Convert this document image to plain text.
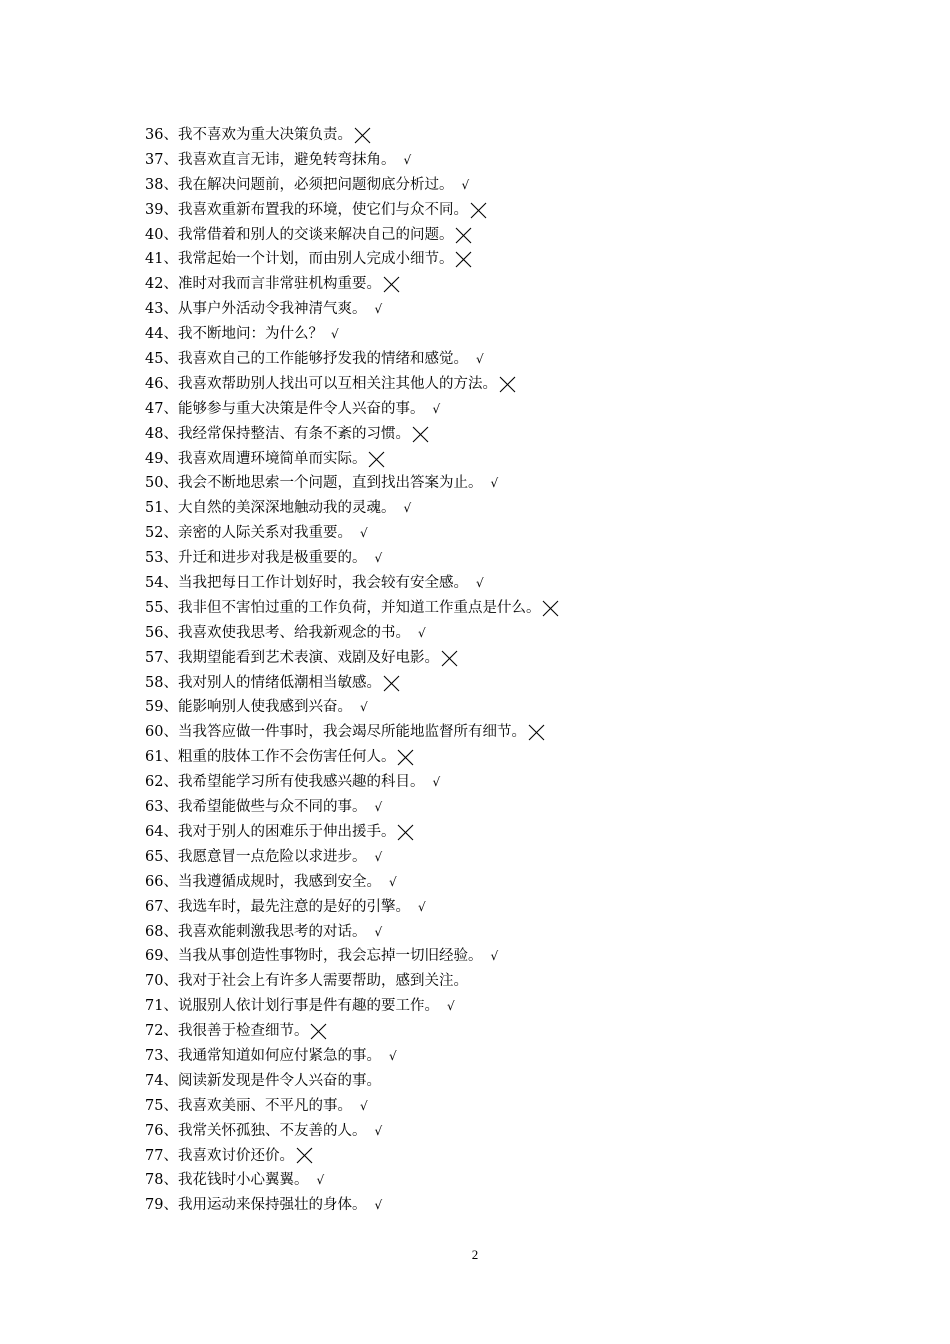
36、我不喜欢为重大决策负责。
37、我喜欢直言无讳，避免转弯抹角。 √
38、我在解决问题前，必须把问题彻底分析过。 √
39、我喜欢重新布置我的环境，使它们与众不同。
40、我常借着和别人的交谈来解决自己的问题。
41、我常起始一个计划，而由别人完成小细节。
42、准时对我而言非常驻机构重要。
43、从事户外活动令我神清气爽。 √
44、我不断地问：为什么？ √
45、我喜欢自己的工作能够抒发我的情绪和感觉。 √
46、我喜欢帮助别人找出可以互相关注其他人的方法。
47、能够参与重大决策是件令人兴奋的事。 √
48、我经常保持整洁、有条不紊的习惯。
49、我喜欢周遭环境简单而实际。
50、我会不断地思索一个问题，直到找出答案为止。 √
51、大自然的美深深地触动我的灵魂。 √
52、亲密的人际关系对我重要。 √
53、升迁和进步对我是极重要的。 √
54、当我把每日工作计划好时，我会较有安全感。 √
55、我非但不害怕过重的工作负荷，并知道工作重点是什么。
56、我喜欢使我思考、给我新观念的书。 √
57、我期望能看到艺术表演、戏剧及好电影。
58、我对别人的情绪低潮相当敏感。
59、能影响别人使我感到兴奋。 √
60、当我答应做一件事时，我会竭尽所能地监督所有细节。
61、粗重的肢体工作不会伤害任何人。
62、我希望能学习所有使我感兴趣的科目。 √
63、我希望能做些与众不同的事。 √
64、我对于别人的困难乐于伸出援手。
65、我愿意冒一点危险以求进步。 √
66、当我遵循成规时，我感到安全。 √
67、我选车时，最先注意的是好的引擎。 √
68、我喜欢能刺激我思考的对话。 √
69、当我从事创造性事物时，我会忘掉一切旧经验。 √
70、我对于社会上有许多人需要帮助，感到关注。
71、说服别人依计划行事是件有趣的要工作。 √
72、我很善于检查细节。
73、我通常知道如何应付紧急的事。 √
74、阅读新发现是件令人兴奋的事。
75、我喜欢美丽、不平凡的事。 √
76、我常关怀孤独、不友善的人。 √
77、我喜欢讨价还价。
78、我花钱时小心翼翼。 √
79、我用运动来保持强壮的身体。 √
2
